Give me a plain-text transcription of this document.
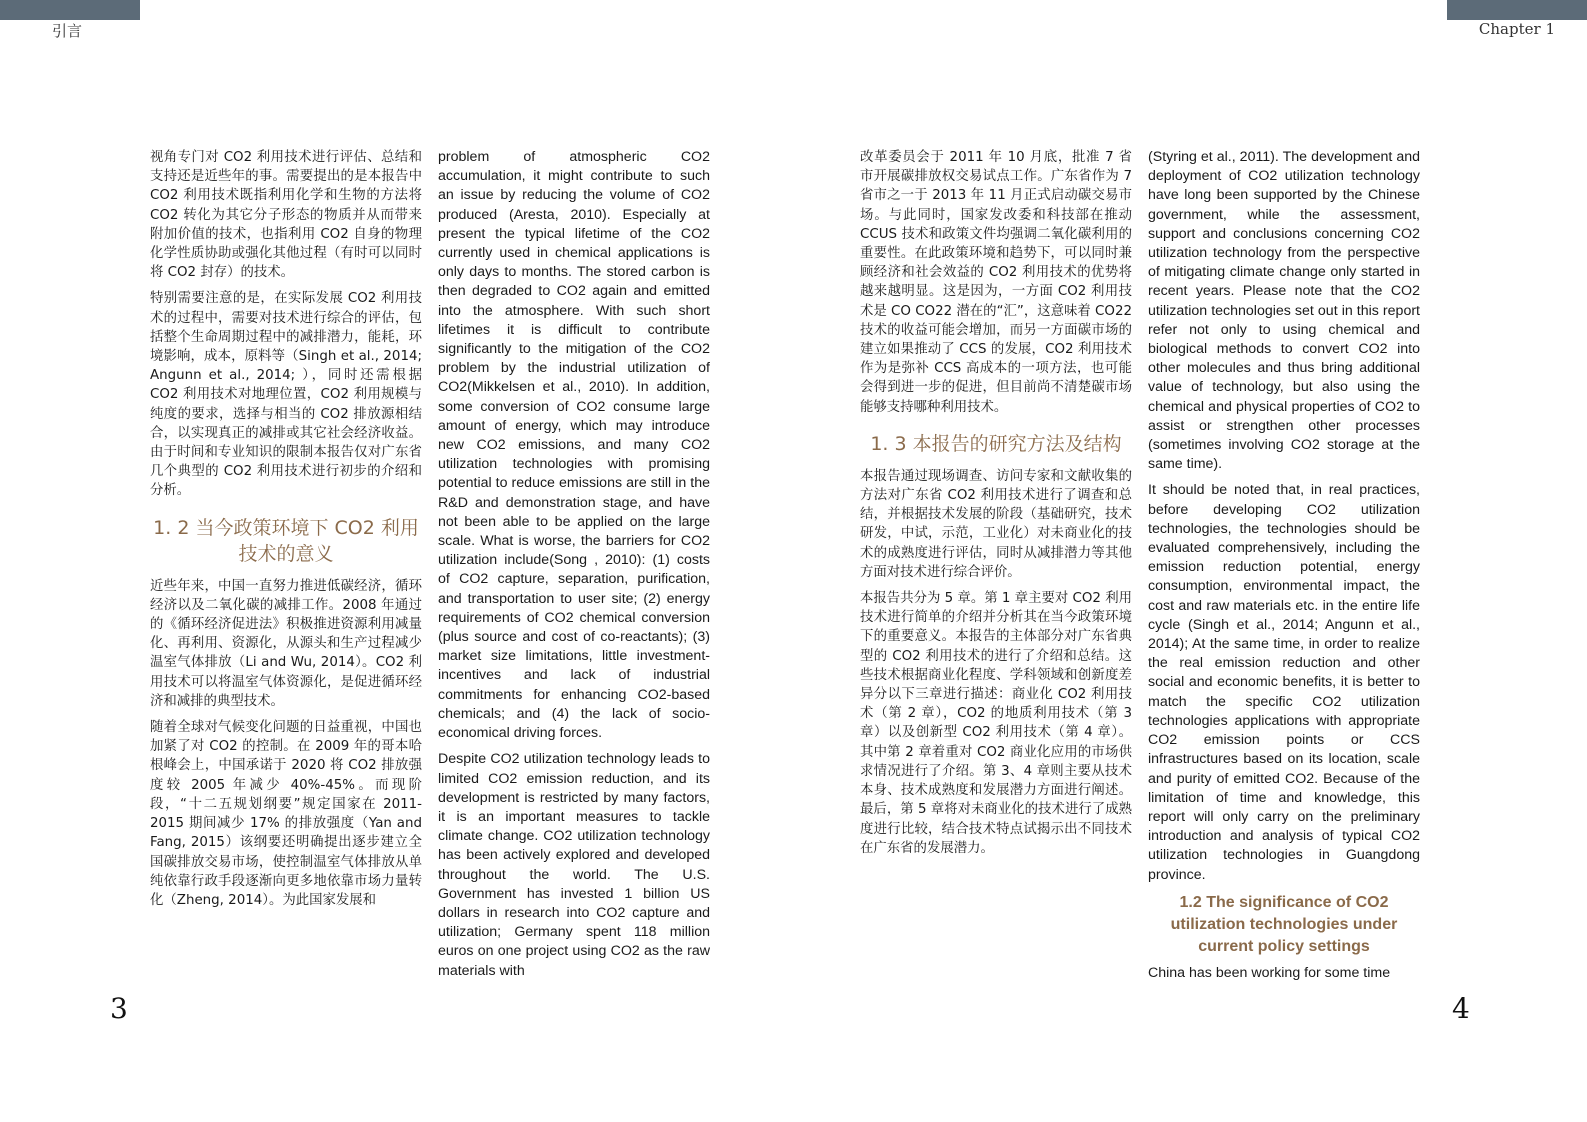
引言	Chapter 1

视角专门对 CO2 利用技术进行评估、总结和支持还是近些年的事。需要提出的是本报告中 CO2 利用技术既指利用化学和生物的方法将 CO2 转化为其它分子形态的物质并从而带来附加价值的技术，也指利用 CO2 自身的物理化学性质协助或强化其他过程（有时可以同时将 CO2 封存）的技术。

特别需要注意的是，在实际发展 CO2 利用技术的过程中，需要对技术进行综合的评估，包括整个生命周期过程中的减排潜力，能耗，环境影响，成本，原料等（Singh et al., 2014; Angunn et al., 2014; ），同时还需根据 CO2 利用技术对地理位置，CO2 利用规模与纯度的要求，选择与相当的 CO2 排放源相结合，以实现真正的减排或其它社会经济收益。由于时间和专业知识的限制本报告仅对广东省几个典型的 CO2 利用技术进行初步的介绍和分析。

1. 2 当今政策环境下 CO2 利用技术的意义

近些年来，中国一直努力推进低碳经济，循环经济以及二氧化碳的减排工作。2008 年通过的《循环经济促进法》积极推进资源利用减量化、再利用、资源化，从源头和生产过程减少温室气体排放（Li and Wu, 2014）。CO2 利用技术可以将温室气体资源化，是促进循环经济和减排的典型技术。

随着全球对气候变化问题的日益重视，中国也加紧了对 CO2 的控制。在 2009 年的哥本哈根峰会上，中国承诺于 2020 将 CO2 排放强度较 2005 年减少 40%-45%。而现阶段，“十二五规划纲要”规定国家在 2011-2015 期间减少 17% 的排放强度（Yan and Fang, 2015）该纲要还明确提出逐步建立全国碳排放交易市场，使控制温室气体排放从单纯依靠行政手段逐渐向更多地依靠市场力量转化（Zheng, 2014）。为此国家发展和

problem of atmospheric CO2 accumulation, it might contribute to such an issue by reducing the volume of CO2 produced (Aresta, 2010). Especially at present the typical lifetime of the CO2 currently used in chemical applications is only days to months. The stored carbon is then degraded to CO2 again and emitted into the atmosphere. With such short lifetimes it is difficult to contribute significantly to the mitigation of the CO2 problem by the industrial utilization of CO2(Mikkelsen et al., 2010). In addition, some conversion of CO2 consume large amount of energy, which may introduce new CO2 emissions, and many CO2 utilization technologies with promising potential to reduce emissions are still in the R&D and demonstration stage, and have not been able to be applied on the large scale. What is worse, the barriers for CO2 utilization include(Song , 2010): (1) costs of CO2 capture, separation, purification, and transportation to user site; (2) energy requirements of CO2 chemical conversion (plus source and cost of co-reactants); (3) market size limitations, little investment-incentives and lack of industrial commitments for enhancing CO2-based chemicals; and (4) the lack of socio-economical driving forces.

Despite CO2 utilization technology leads to limited CO2 emission reduction, and its development is restricted by many factors, it is an important measures to tackle climate change. CO2 utilization technology has been actively explored and developed throughout the world. The U.S. Government has invested 1 billion US dollars in research into CO2 capture and utilization; Germany spent 118 million euros on one project using CO2 as the raw materials with

改革委员会于 2011 年 10 月底，批准 7 省市开展碳排放权交易试点工作。广东省作为 7 省市之一于 2013 年 11 月正式启动碳交易市场。与此同时，国家发改委和科技部在推动 CCUS 技术和政策文件均强调二氧化碳利用的重要性。在此政策环境和趋势下，可以同时兼顾经济和社会效益的 CO2 利用技术的优势将越来越明显。这是因为，一方面 CO2 利用技术是 CO CO22 潜在的“汇”，这意味着 CO22 技术的收益可能会增加，而另一方面碳市场的建立如果推动了 CCS 的发展，CO2 利用技术作为是弥补 CCS 高成本的一项方法，也可能会得到进一步的促进，但目前尚不清楚碳市场能够支持哪种利用技术。

1. 3 本报告的研究方法及结构

本报告通过现场调查、访问专家和文献收集的方法对广东省 CO2 利用技术进行了调查和总结，并根据技术发展的阶段（基础研究，技术研发，中试，示范，工业化）对未商业化的技术的成熟度进行评估，同时从减排潜力等其他方面对技术进行综合评价。

本报告共分为 5 章。第 1 章主要对 CO2 利用技术进行简单的介绍并分析其在当今政策环境下的重要意义。本报告的主体部分对广东省典型的 CO2 利用技术的进行了介绍和总结。这些技术根据商业化程度、学科领域和创新度差异分以下三章进行描述：商业化 CO2 利用技术（第 2 章），CO2 的地质利用技术（第 3 章）以及创新型 CO2 利用技术（第 4 章）。其中第 2 章着重对 CO2 商业化应用的市场供求情况进行了介绍。第 3、4 章则主要从技术本身、技术成熟度和发展潜力方面进行阐述。最后，第 5 章将对未商业化的技术进行了成熟度进行比较，结合技术特点试揭示出不同技术在广东省的发展潜力。

(Styring et al., 2011). The development and deployment of CO2 utilization technology have long been supported by the Chinese government, while the assessment, support and conclusions concerning CO2 utilization technology from the perspective of mitigating climate change only started in recent years. Please note that the CO2 utilization technologies set out in this report refer not only to using chemical and biological methods to convert CO2 into other molecules and thus bring additional value of technology, but also using the chemical and physical properties of CO2 to assist or strengthen other processes (sometimes involving CO2 storage at the same time).

It should be noted that, in real practices, before developing CO2 utilization technologies, the technologies should be evaluated comprehensively, including the emission reduction potential, energy consumption, environmental impact, the cost and raw materials etc. in the entire life cycle (Singh et al., 2014; Angunn et al., 2014); At the same time, in order to realize the real emission reduction and other social and economic benefits, it is better to match the specific CO2 utilization technologies applications with appropriate CO2 emission points or CCS infrastructures based on its location, scale and purity of emitted CO2. Because of the limitation of time and knowledge, this report will only carry on the preliminary introduction and analysis of typical CO2 utilization technologies in Guangdong province.

1.2 The significance of CO2 utilization technologies under current policy settings

China has been working for some time

3	4
